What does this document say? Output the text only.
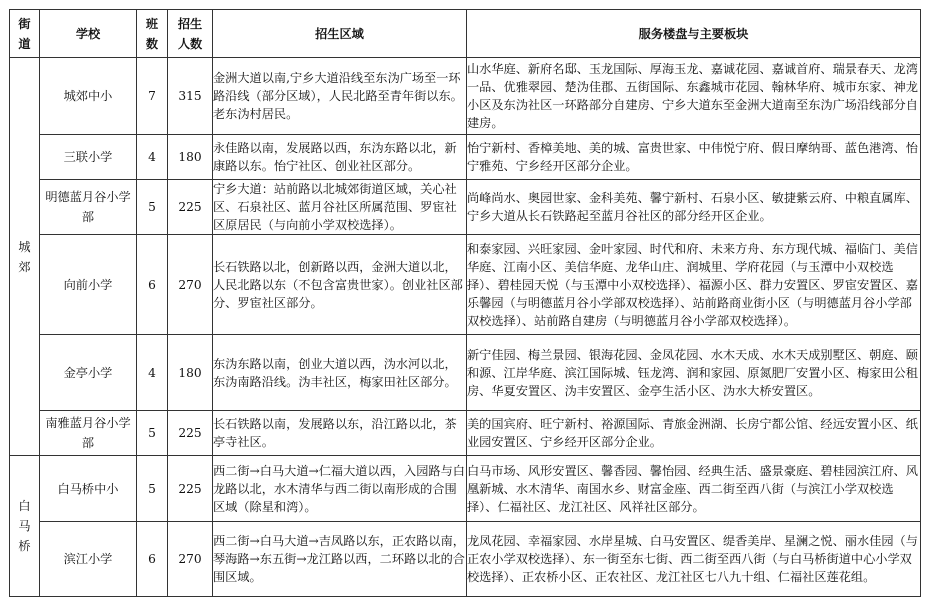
街道	学校	班数	招生人数	招生区域	服务楼盘与主要板块
城郊	城郊中小	7	315	金洲大道以南,宁乡大道沿线至东沩广场至一环路沿线（部分区域），人民北路至青年街以东。老东沩村居民。	山水华庭、新府名邸、玉龙国际、厚海玉龙、嘉诚花园、嘉诚首府、瑞景春天、龙湾一品、优雅翠园、楚沩佳郡、五街国际、东鑫城市花园、翰林华府、城市东家、神龙小区及东沩社区一环路部分自建房、宁乡大道东至金洲大道南至东沩广场沿线部分自建房。
	三联小学	4	180	永佳路以南，发展路以西，东沩东路以北，新康路以东。怡宁社区、创业社区部分。	怡宁新村、香樟美地、美的城、富贵世家、中伟悦宁府、假日摩纳哥、蓝色港湾、怡宁雅苑、宁乡经开区部分企业。
	明德蓝月谷小学部	5	225	宁乡大道：站前路以北城郊街道区域，关心社区、石泉社区、蓝月谷社区所属范围、罗宦社区原居民（与向前小学双校选择）。	尚峰尚水、奥园世家、金科美苑、馨宁新村、石泉小区、敏捷紫云府、中粮直属库、宁乡大道从长石铁路起至蓝月谷社区的部分经开区企业。
	向前小学	6	270	长石铁路以北，创新路以西，金洲大道以北，人民北路以东（不包含富贵世家）。创业社区部分、罗宦社区部分。	和泰家园、兴旺家园、金叶家园、时代和府、未来方舟、东方现代城、福临门、美信华庭、江南小区、美信华庭、龙华山庄、润城里、学府花园（与玉潭中小双校选择）、碧桂园天悦（与玉潭中小双校选择）、福源小区、群力安置区、罗宦安置区、嘉乐馨园（与明德蓝月谷小学部双校选择）、站前路商业街小区（与明德蓝月谷小学部双校选择）、站前路自建房（与明德蓝月谷小学部双校选择）。
	金亭小学	4	180	东沩东路以南，创业大道以西，沩水河以北，东沩南路沿线。沩丰社区，梅家田社区部分。	新宁佳园、梅兰景园、银海花园、金凤花园、水木天成、水木天成别墅区、朝庭、颐和源、江岸华庭、滨江国际城、钰龙湾、润和家园、原氮肥厂安置小区、梅家田公租房、华夏安置区、沩丰安置区、金亭生活小区、沩水大桥安置区。
	南雅蓝月谷小学部	5	225	长石铁路以南，发展路以东，沿江路以北，茶亭寺社区。	美的国宾府、旺宁新村、裕源国际、青旅金洲湖、长房宁都公馆、经远安置小区、纸业园安置区、宁乡经开区部分企业。
白马桥	白马桥中小	5	225	西二街→白马大道→仁福大道以西，入园路与白龙路以北，水木清华与西二街以南形成的合围区域（除星和湾）。	白马市场、风形安置区、馨香园、馨怡园、经典生活、盛景豪庭、碧桂园滨江府、风凰新城、水木清华、南国水乡、财富金座、西二街至西八街（与滨江小学双校选择）、仁福社区、龙江社区、风祥社区部分。
	滨江小学	6	270	西二街→白马大道→吉凤路以东，正农路以南，琴海路→东五街→龙江路以西，二环路以北的合围区域。	龙凤花园、幸福家园、水岸星城、白马安置区、缇香美岸、星澜之悦、丽水佳园（与正农小学双校选择）、东一街至东七街、西二街至西八街（与白马桥街道中心小学双校选择）、正农桥小区、正农社区、龙江社区七八九十组、仁福社区莲花组。
